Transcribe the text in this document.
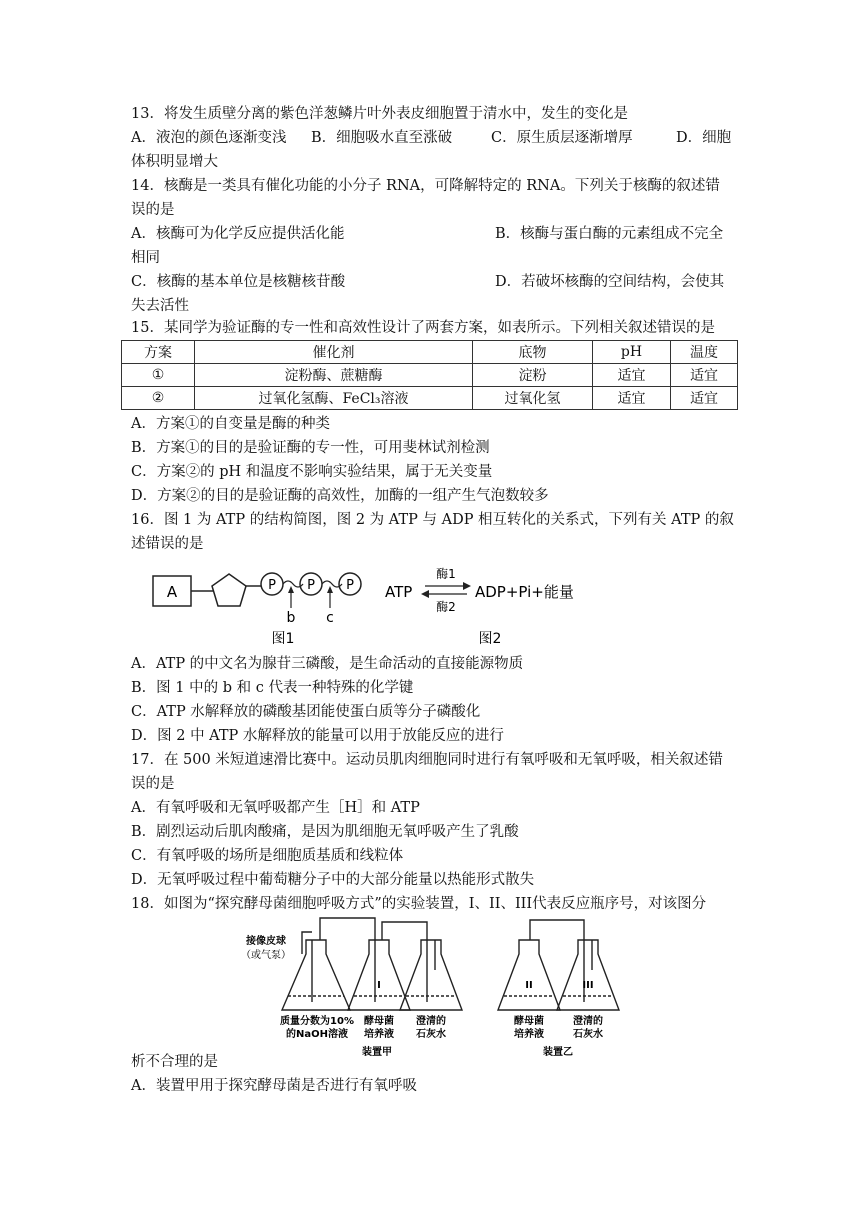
13．将发生质壁分离的紫色洋葱鳞片叶外表皮细胞置于清水中，发生的变化是
A．液泡的颜色逐渐变浅 B．细胞吸水直至涨破	C．原生质层逐渐增厚	D．细胞
体积明显增大
14．核酶是一类具有催化功能的小分子 RNA，可降解特定的 RNA。下列关于核酶的叙述错
误的是
A．核酶可为化学反应提供活化能	B．核酶与蛋白酶的元素组成不完全
相同
C．核酶的基本单位是核糖核苷酸	D．若破坏核酶的空间结构，会使其
失去活性
15．某同学为验证酶的专一性和高效性设计了两套方案，如表所示。下列相关叙述错误的是
方案	催化剂	底物	pH	温度
①	淀粉酶、蔗糖酶	淀粉	适宜	适宜
②	过氧化氢酶、FeCl₃溶液	过氧化氢	适宜	适宜
A．方案①的自变量是酶的种类
B．方案①的目的是验证酶的专一性，可用斐林试剂检测
C．方案②的 pH 和温度不影响实验结果，属于无关变量
D．方案②的目的是验证酶的高效性，加酶的一组产生气泡数较多
16．图 1 为 ATP 的结构简图，图 2 为 ATP 与 ADP 相互转化的关系式，下列有关 ATP 的叙
述错误的是
A	P P P
b c
图1
ATP
酶1
酶2
ADP+Pi+能量
图2
A．ATP 的中文名为腺苷三磷酸，是生命活动的直接能源物质
B．图 1 中的 b 和 c 代表一种特殊的化学键
C．ATP 水解释放的磷酸基团能使蛋白质等分子磷酸化
D．图 2 中 ATP 水解释放的能量可以用于放能反应的进行
17．在 500 米短道速滑比赛中。运动员肌肉细胞同时进行有氧呼吸和无氧呼吸，相关叙述错
误的是
A．有氧呼吸和无氧呼吸都产生［H］和 ATP
B．剧烈运动后肌肉酸痛，是因为肌细胞无氧呼吸产生了乳酸
C．有氧呼吸的场所是细胞质基质和线粒体
D．无氧呼吸过程中葡萄糖分子中的大部分能量以热能形式散失
18．如图为“探究酵母菌细胞呼吸方式”的实验装置，I、II、III代表反应瓶序号，对该图分
接像皮球
（或气泵）
质量分数为10%
的NaOH溶液
I
酵母菌
培养液
澄清的
石灰水
装置甲
II
酵母菌
培养液
III
澄清的
石灰水
装置乙
析不合理的是
A．装置甲用于探究酵母菌是否进行有氧呼吸
